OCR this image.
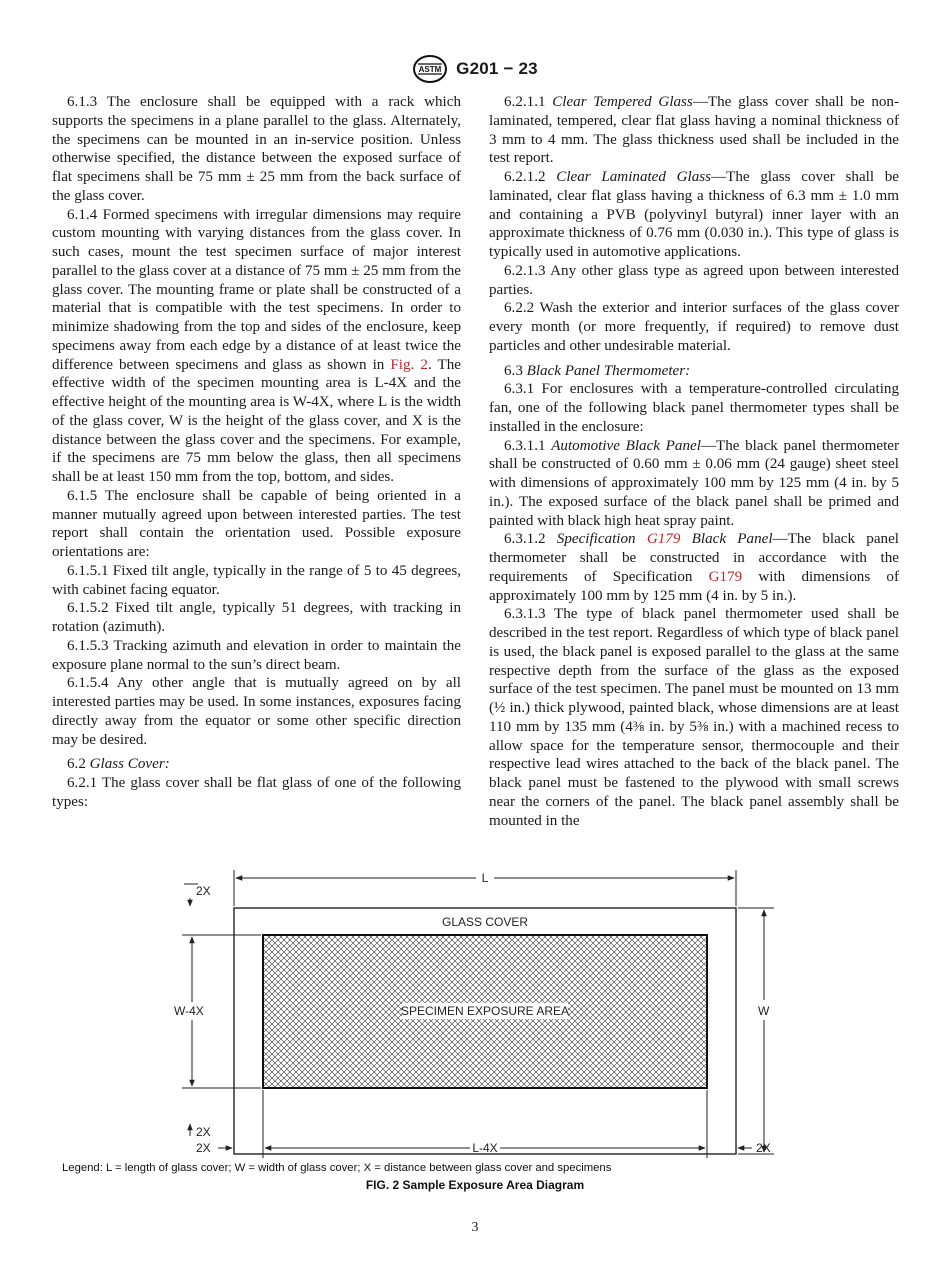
ASTM G201 − 23

6.1.3 The enclosure shall be equipped with a rack which supports the specimens in a plane parallel to the glass. Alternately, the specimens can be mounted in an in-service position. Unless otherwise specified, the distance between the exposed surface of flat specimens shall be 75 mm ± 25 mm from the back surface of the glass cover.

6.1.4 Formed specimens with irregular dimensions may require custom mounting with varying distances from the glass cover. In such cases, mount the test specimen surface of major interest parallel to the glass cover at a distance of 75 mm ± 25 mm from the glass cover. The mounting frame or plate shall be constructed of a material that is compatible with the test specimens. In order to minimize shadowing from the top and sides of the enclosure, keep specimens away from each edge by a distance of at least twice the difference between specimens and glass as shown in Fig. 2. The effective width of the specimen mounting area is L-4X and the effective height of the mounting area is W-4X, where L is the width of the glass cover, W is the height of the glass cover, and X is the distance between the glass cover and the specimens. For example, if the specimens are 75 mm below the glass, then all specimens shall be at least 150 mm from the top, bottom, and sides.

6.1.5 The enclosure shall be capable of being oriented in a manner mutually agreed upon between interested parties. The test report shall contain the orientation used. Possible exposure orientations are:

6.1.5.1 Fixed tilt angle, typically in the range of 5 to 45 degrees, with cabinet facing equator.

6.1.5.2 Fixed tilt angle, typically 51 degrees, with tracking in rotation (azimuth).

6.1.5.3 Tracking azimuth and elevation in order to maintain the exposure plane normal to the sun’s direct beam.

6.1.5.4 Any other angle that is mutually agreed on by all interested parties may be used. In some instances, exposures facing directly away from the equator or some other specific direction may be desired.

6.2 Glass Cover:

6.2.1 The glass cover shall be flat glass of one of the following types:

6.2.1.1 Clear Tempered Glass—The glass cover shall be non-laminated, tempered, clear flat glass having a nominal thickness of 3 mm to 4 mm. The glass thickness used shall be included in the test report.

6.2.1.2 Clear Laminated Glass—The glass cover shall be laminated, clear flat glass having a thickness of 6.3 mm ± 1.0 mm and containing a PVB (polyvinyl butyral) inner layer with an approximate thickness of 0.76 mm (0.030 in.). This type of glass is typically used in automotive applications.

6.2.1.3 Any other glass type as agreed upon between interested parties.

6.2.2 Wash the exterior and interior surfaces of the glass cover every month (or more frequently, if required) to remove dust particles and other undesirable material.

6.3 Black Panel Thermometer:

6.3.1 For enclosures with a temperature-controlled circulating fan, one of the following black panel thermometer types shall be installed in the enclosure:

6.3.1.1 Automotive Black Panel—The black panel thermometer shall be constructed of 0.60 mm ± 0.06 mm (24 gauge) sheet steel with dimensions of approximately 100 mm by 125 mm (4 in. by 5 in.). The exposed surface of the black panel shall be primed and painted with black high heat spray paint.

6.3.1.2 Specification G179 Black Panel—The black panel thermometer shall be constructed in accordance with the requirements of Specification G179 with dimensions of approximately 100 mm by 125 mm (4 in. by 5 in.).

6.3.1.3 The type of black panel thermometer used shall be described in the test report. Regardless of which type of black panel is used, the black panel is exposed parallel to the glass at the same respective depth from the surface of the glass as the exposed surface of the test specimen. The panel must be mounted on 13 mm (½ in.) thick plywood, painted black, whose dimensions are at least 110 mm by 135 mm (4⅜ in. by 5⅜ in.) with a machined recess to allow space for the temperature sensor, thermocouple and their respective lead wires attached to the back of the black panel. The black panel must be fastened to the plywood with small screws near the corners of the panel. The black panel assembly shall be mounted in the

GLASS COVER
SPECIMEN EXPOSURE AREA
L
2X
W-4X	W
2X
L-4X
2X	2X
Legend: L = length of glass cover; W = width of glass cover; X = distance between glass cover and specimens
FIG. 2 Sample Exposure Area Diagram
3
